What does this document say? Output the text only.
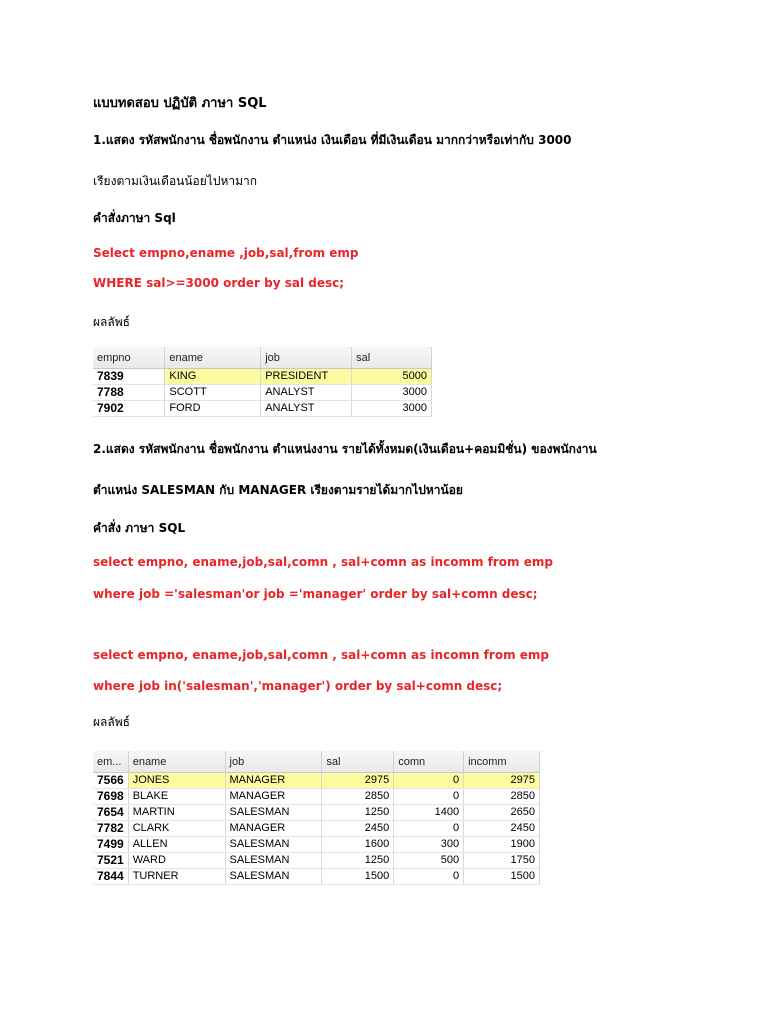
แบบทดสอบ ปฏิบัติ ภาษา SQL
1.แสดง รหัสพนักงาน ชื่อพนักงาน ตำแหน่ง เงินเดือน ที่มีเงินเดือน มากกว่าหรือเท่ากับ 3000
เรียงตามเงินเดือนน้อยไปหามาก
คำสั่งภาษา Sql
Select empno,ename ,job,sal,from emp
WHERE sal>=3000 order by sal desc;
ผลลัพธ์
empno	ename	job	sal
7839	KING	PRESIDENT	5000
7788	SCOTT	ANALYST	3000
7902	FORD	ANALYST	3000
2.แสดง รหัสพนักงาน ชื่อพนักงาน ตำแหน่งงาน รายได้ทั้งหมด(เงินเดือน+คอมมิชั่น) ของพนักงาน
ตำแหน่ง SALESMAN กับ MANAGER เรียงตามรายได้มากไปหาน้อย
คำสั่ง ภาษา SQL
select empno, ename,job,sal,comn , sal+comn as incomm from emp
where job ='salesman'or job ='manager' order by sal+comn desc;
select empno, ename,job,sal,comn , sal+comn as incomn from emp
where job in('salesman','manager') order by sal+comn desc;
ผลลัพธ์
em...	ename	job	sal	comn	incomm
7566	JONES	MANAGER	2975	0	2975
7698	BLAKE	MANAGER	2850	0	2850
7654	MARTIN	SALESMAN	1250	1400	2650
7782	CLARK	MANAGER	2450	0	2450
7499	ALLEN	SALESMAN	1600	300	1900
7521	WARD	SALESMAN	1250	500	1750
7844	TURNER	SALESMAN	1500	0	1500
